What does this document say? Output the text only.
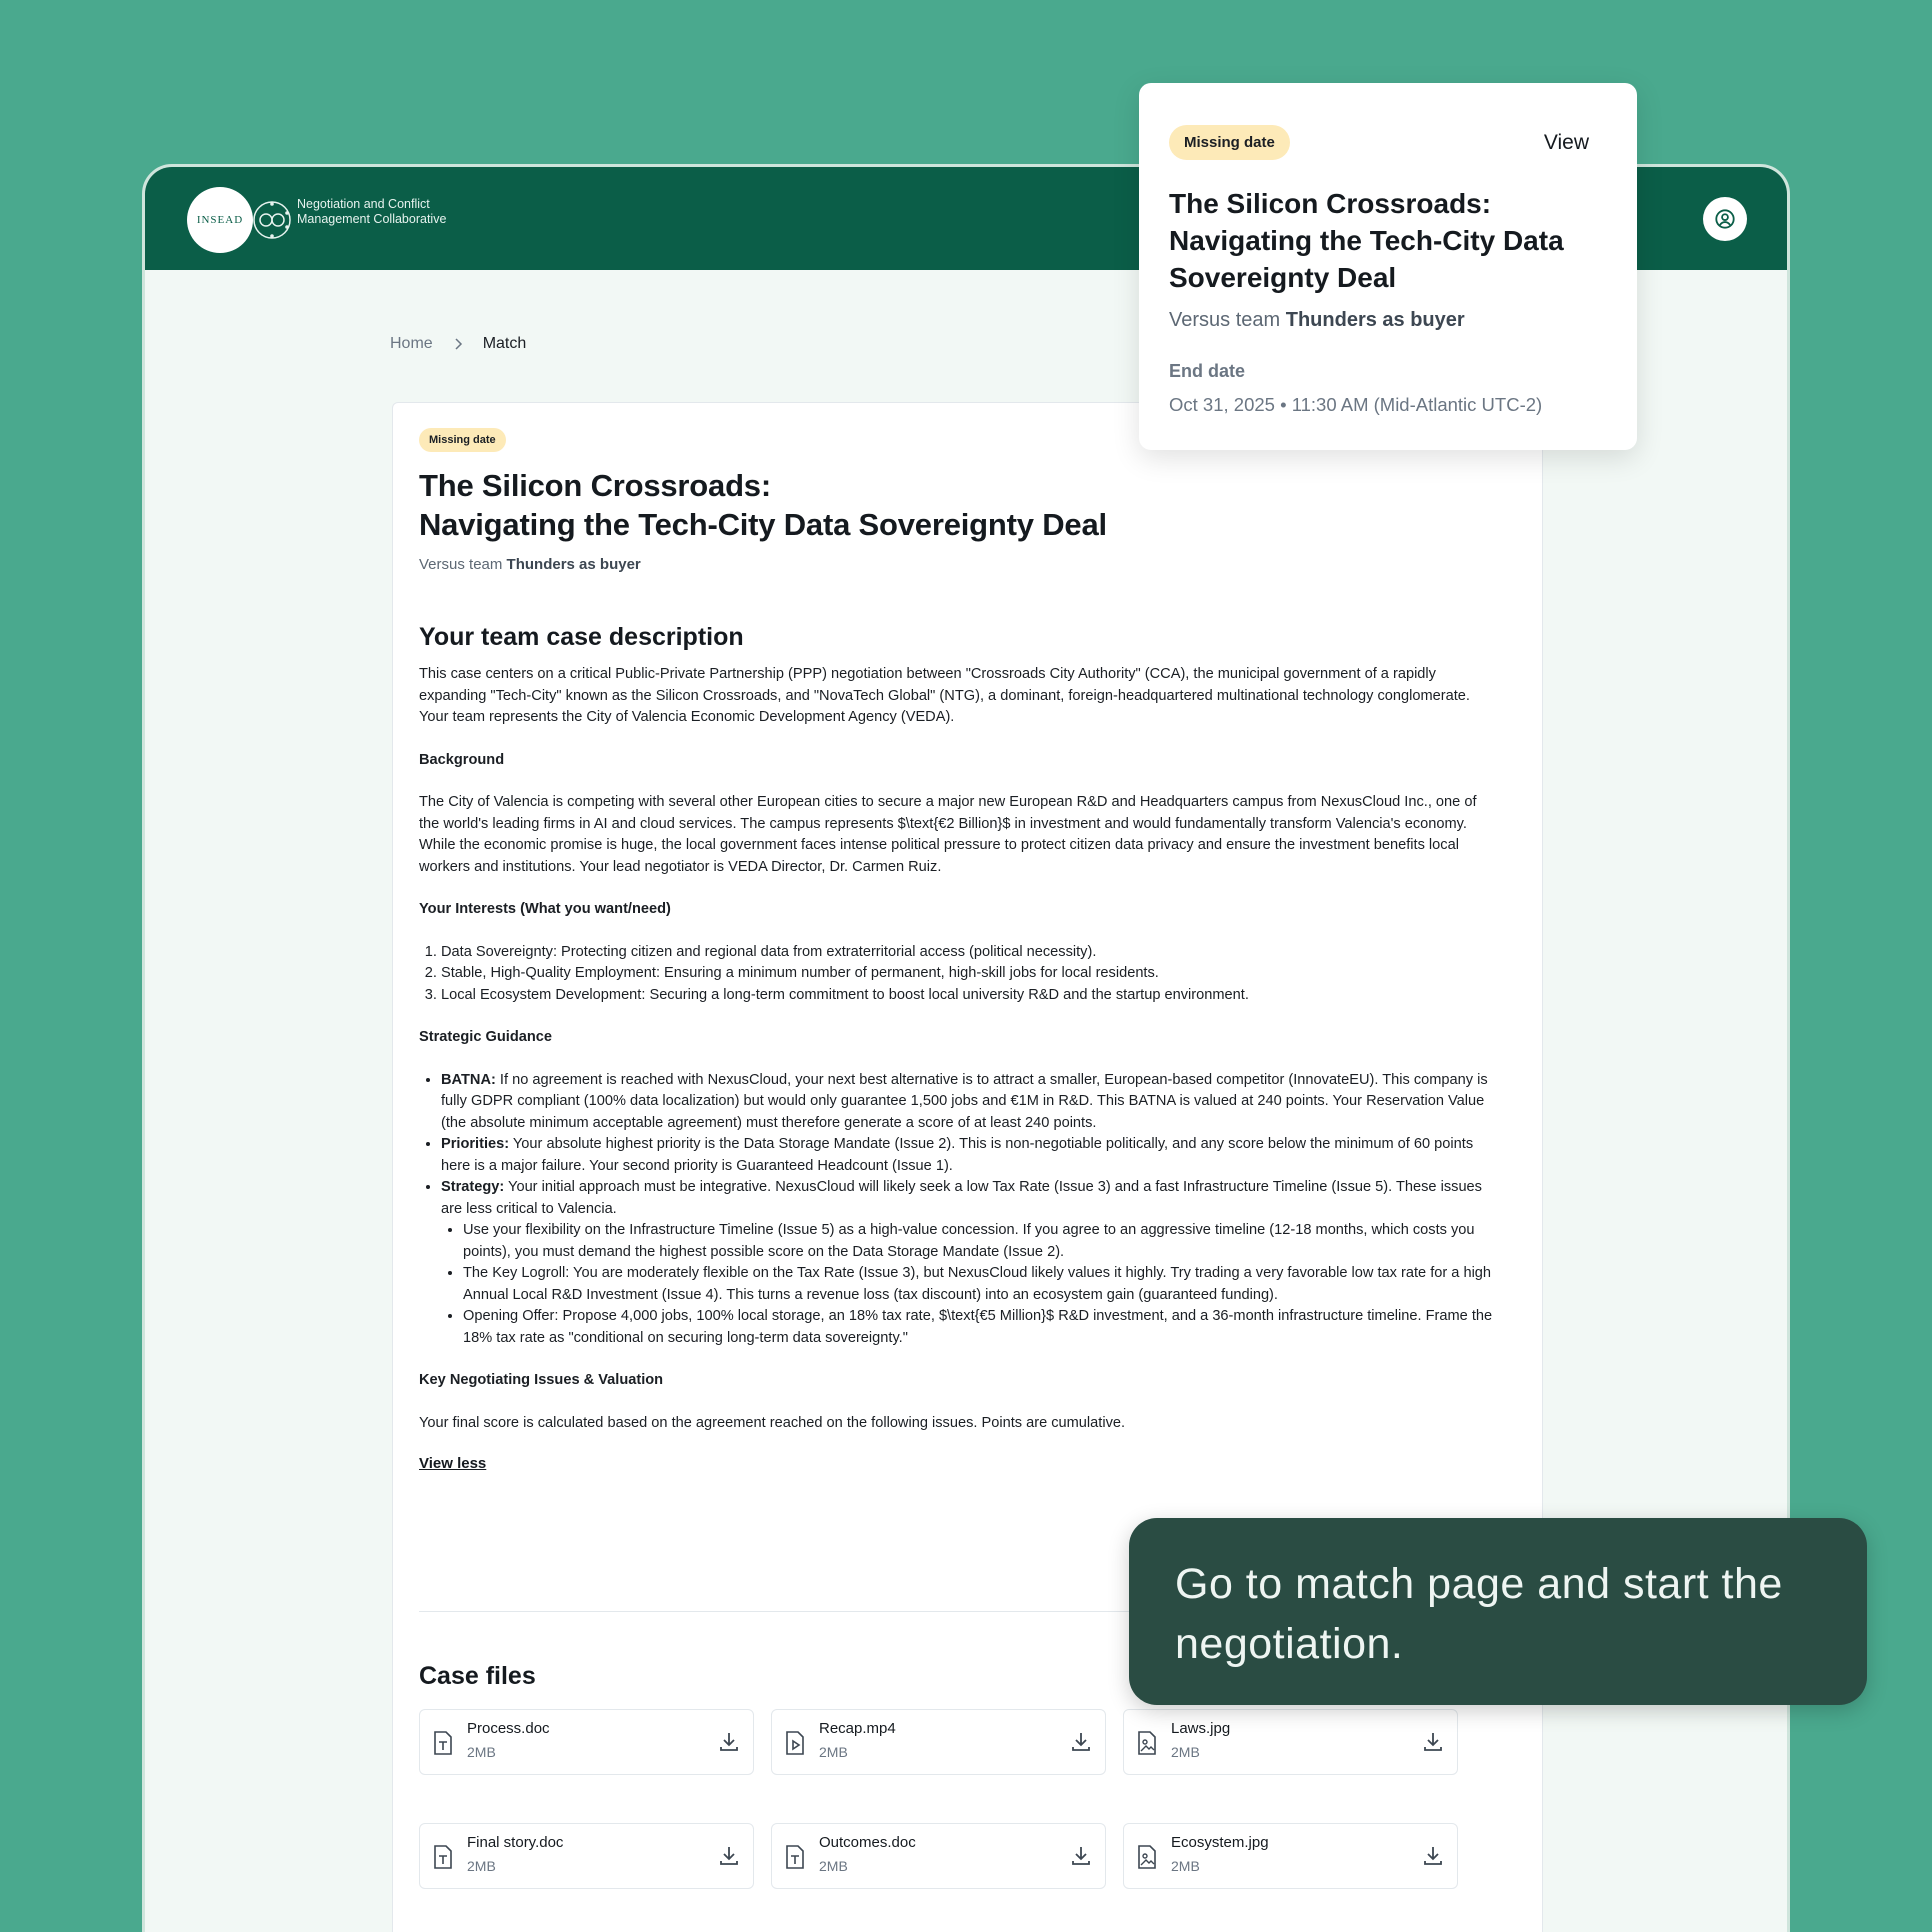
INSEAD
Negotiation and Conflict Management Collaborative
Home	Match
Missing date
The Silicon Crossroads:
Navigating the Tech-City Data Sovereignty Deal
Versus team Thunders as buyer
Your team case description

This case centers on a critical Public-Private Partnership (PPP) negotiation between "Crossroads City Authority" (CCA), the municipal government of a rapidly expanding "Tech-City" known as the Silicon Crossroads, and "NovaTech Global" (NTG), a dominant, foreign-headquartered multinational technology conglomerate. Your team represents the City of Valencia Economic Development Agency (VEDA).

Background

The City of Valencia is competing with several other European cities to secure a major new European R&D and Headquarters campus from NexusCloud Inc., one of the world's leading firms in AI and cloud services. The campus represents $\text{€2 Billion}$ in investment and would fundamentally transform Valencia's economy. While the economic promise is huge, the local government faces intense political pressure to protect citizen data privacy and ensure the investment benefits local workers and institutions. Your lead negotiator is VEDA Director, Dr. Carmen Ruiz.

Your Interests (What you want/need)

1. Data Sovereignty: Protecting citizen and regional data from extraterritorial access (political necessity).
2. Stable, High-Quality Employment: Ensuring a minimum number of permanent, high-skill jobs for local residents.
3. Local Ecosystem Development: Securing a long-term commitment to boost local university R&D and the startup environment.

Strategic Guidance

• BATNA: If no agreement is reached with NexusCloud, your next best alternative is to attract a smaller, European-based competitor (InnovateEU). This company is fully GDPR compliant (100% data localization) but would only guarantee 1,500 jobs and €1M in R&D. This BATNA is valued at 240 points. Your Reservation Value (the absolute minimum acceptable agreement) must therefore generate a score of at least 240 points.
• Priorities: Your absolute highest priority is the Data Storage Mandate (Issue 2). This is non-negotiable politically, and any score below the minimum of 60 points here is a major failure. Your second priority is Guaranteed Headcount (Issue 1).
• Strategy: Your initial approach must be integrative. NexusCloud will likely seek a low Tax Rate (Issue 3) and a fast Infrastructure Timeline (Issue 5). These issues are less critical to Valencia.
• Use your flexibility on the Infrastructure Timeline (Issue 5) as a high-value concession. If you agree to an aggressive timeline (12-18 months, which costs you points), you must demand the highest possible score on the Data Storage Mandate (Issue 2).
• The Key Logroll: You are moderately flexible on the Tax Rate (Issue 3), but NexusCloud likely values it highly. Try trading a very favorable low tax rate for a high Annual Local R&D Investment (Issue 4). This turns a revenue loss (tax discount) into an ecosystem gain (guaranteed funding).
• Opening Offer: Propose 4,000 jobs, 100% local storage, an 18% tax rate, $\text{€5 Million}$ R&D investment, and a 36-month infrastructure timeline. Frame the 18% tax rate as "conditional on securing long-term data sovereignty."

Key Negotiating Issues & Valuation

Your final score is calculated based on the agreement reached on the following issues. Points are cumulative.

View less
Case files
Process.doc
2MB
Recap.mp4
2MB
Laws.jpg
2MB
Final story.doc
2MB
Outcomes.doc
2MB
Ecosystem.jpg
2MB
Missing date	View
The Silicon Crossroads: Navigating the Tech-City Data Sovereignty Deal
Versus team Thunders as buyer
End date
Oct 31, 2025 • 11:30 AM (Mid-Atlantic UTC-2)
Go to match page and start the negotiation.
